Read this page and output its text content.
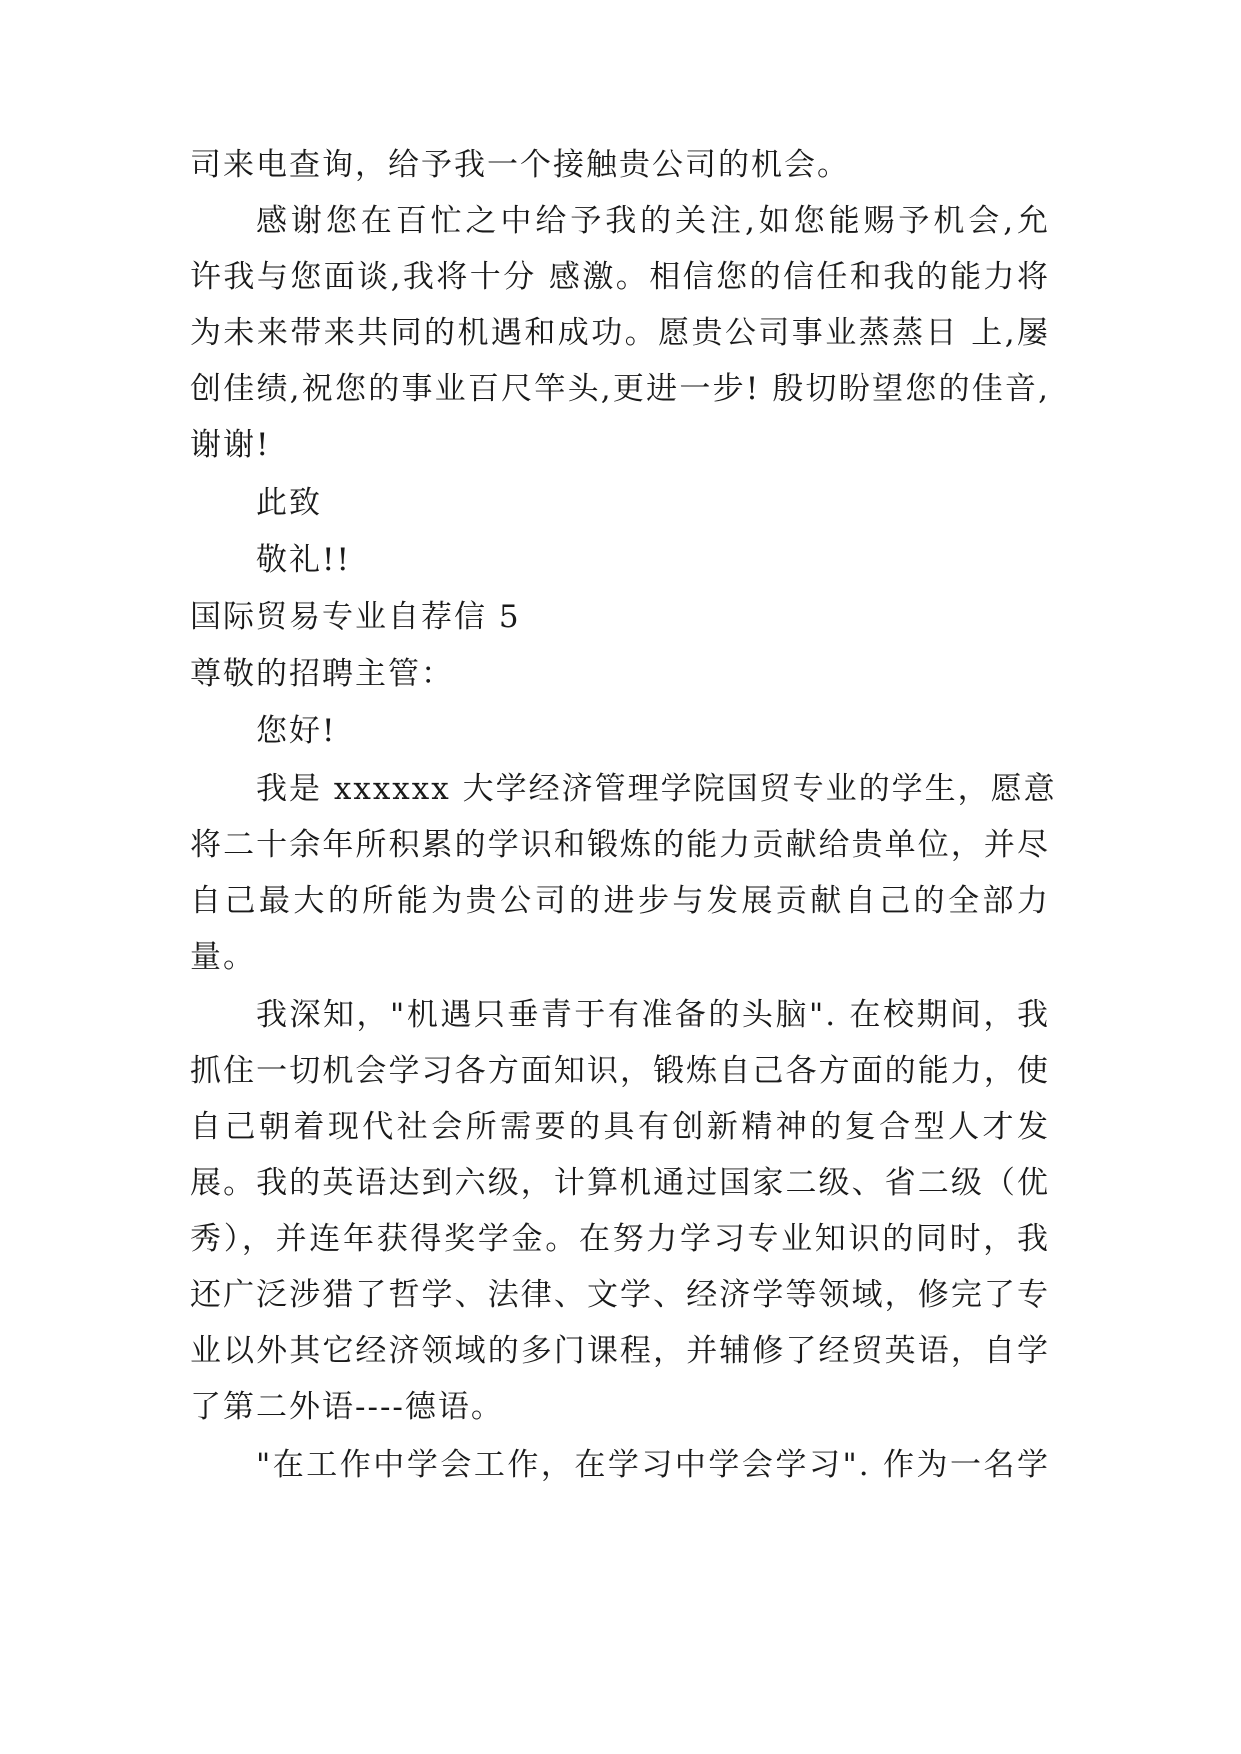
司来电查询，给予我一个接触贵公司的机会。
感谢您在百忙之中给予我的关注,如您能赐予机会,允
许我与您面谈,我将十分 感激。相信您的信任和我的能力将
为未来带来共同的机遇和成功。愿贵公司事业蒸蒸日 上,屡
创佳绩,祝您的事业百尺竿头,更进一步! 殷切盼望您的佳音,
谢谢!
此致
敬礼!!
国际贸易专业自荐信 5
尊敬的招聘主管：
您好!
我是 xxxxxx 大学经济管理学院国贸专业的学生，愿意
将二十余年所积累的学识和锻炼的能力贡献给贵单位，并尽
自己最大的所能为贵公司的进步与发展贡献自己的全部力
量。
我深知，"机遇只垂青于有准备的头脑". 在校期间，我
抓住一切机会学习各方面知识，锻炼自己各方面的能力，使
自己朝着现代社会所需要的具有创新精神的复合型人才发
展。我的英语达到六级，计算机通过国家二级、省二级（优
秀），并连年获得奖学金。在努力学习专业知识的同时，我
还广泛涉猎了哲学、法律、文学、经济学等领域，修完了专
业以外其它经济领域的多门课程，并辅修了经贸英语，自学
了第二外语----德语。
"在工作中学会工作，在学习中学会学习". 作为一名学
